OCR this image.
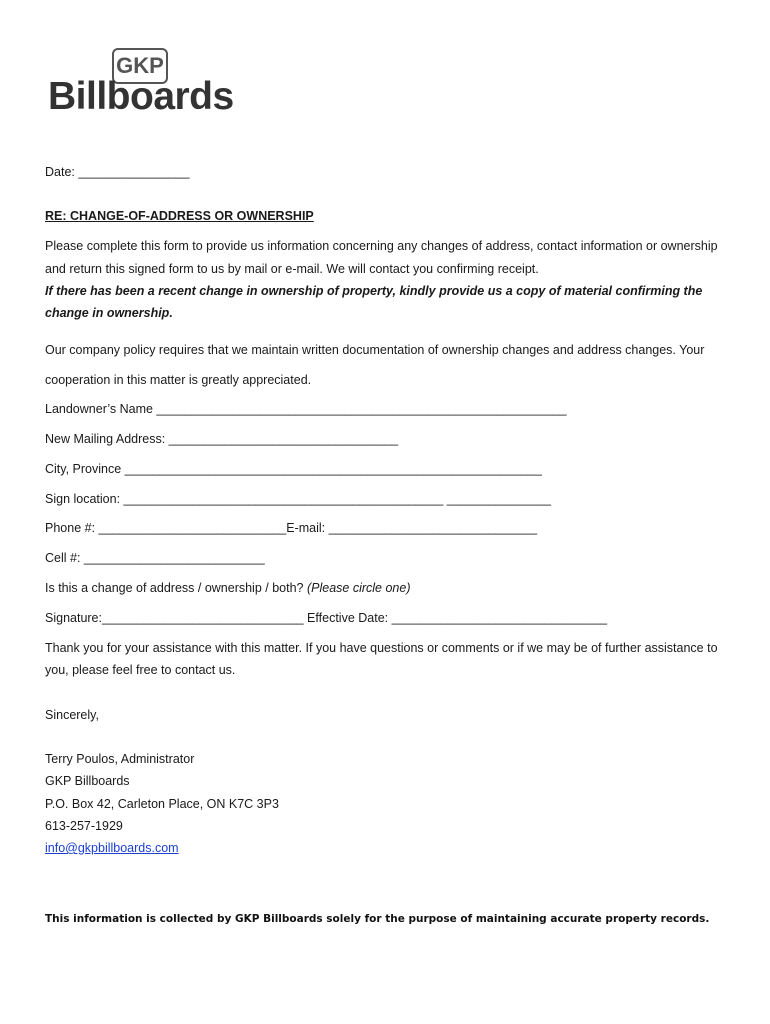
GKP
Billboards
Date: ________________
RE: CHANGE-OF-ADDRESS OR OWNERSHIP
Please complete this form to provide us information concerning any changes of address, contact information or ownership
and return this signed form to us by mail or e-mail. We will contact you confirming receipt.
If there has been a recent change in ownership of property, kindly provide us a copy of material confirming the
change in ownership.
Our company policy requires that we maintain written documentation of ownership changes and address changes. Your
cooperation in this matter is greatly appreciated.
Landowner’s Name ___________________________________________________________
New Mailing Address: _________________________________
City, Province ____________________________________________________________
Sign location: ______________________________________________ _______________
Phone #: ___________________________E-mail: ______________________________
Cell #: __________________________
Is this a change of address / ownership / both? (Please circle one)
Signature:_____________________________ Effective Date: _______________________________
Thank you for your assistance with this matter. If you have questions or comments or if we may be of further assistance to
you, please feel free to contact us.
Sincerely,
Terry Poulos, Administrator
GKP Billboards
P.O. Box 42, Carleton Place, ON K7C 3P3
613-257-1929
info@gkpbillboards.com
This information is collected by GKP Billboards solely for the purpose of maintaining accurate property records.
